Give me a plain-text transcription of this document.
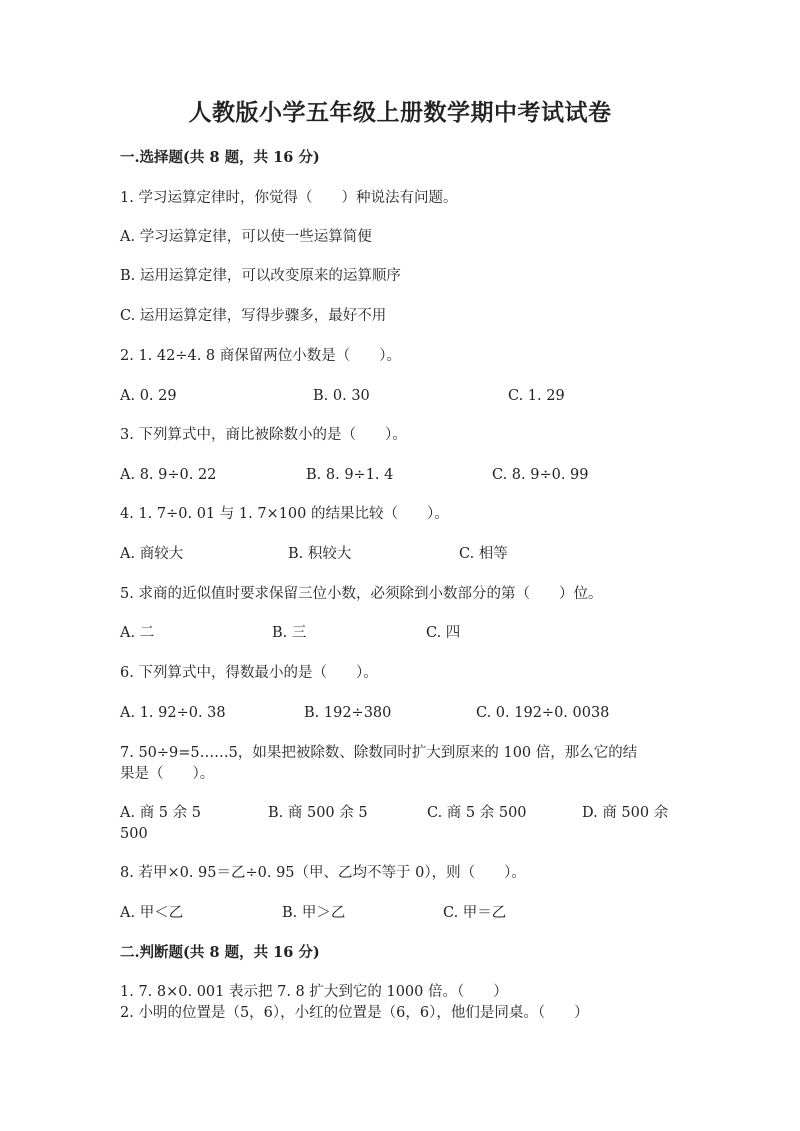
人教版小学五年级上册数学期中考试试卷
一.选择题(共 8 题，共 16 分)
1. 学习运算定律时，你觉得（　　）种说法有问题。
A. 学习运算定律，可以使一些运算简便
B. 运用运算定律，可以改变原来的运算顺序
C. 运用运算定律，写得步骤多，最好不用
2. 1. 42÷4. 8 商保留两位小数是（　　）。
A. 0. 29	B. 0. 30	C. 1. 29
3. 下列算式中，商比被除数小的是（　　）。
A. 8. 9÷0. 22	B. 8. 9÷1. 4	C. 8. 9÷0. 99
4. 1. 7÷0. 01 与 1. 7×100 的结果比较（　　）。
A. 商较大	B. 积较大	C. 相等
5. 求商的近似值时要求保留三位小数，必须除到小数部分的第（　　）位。
A. 二	B. 三	C. 四
6. 下列算式中，得数最小的是（　　）。
A. 1. 92÷0. 38	B. 192÷380	C. 0. 192÷0. 0038
7. 50÷9=5……5，如果把被除数、除数同时扩大到原来的 100 倍，那么它的结
果是（　　）。
A. 商 5 余 5	B. 商 500 余 5	C. 商 5 余 500	D. 商 500 余
500
8. 若甲×0. 95＝乙÷0. 95（甲、乙均不等于 0），则（　　）。
A. 甲＜乙	B. 甲＞乙	C. 甲＝乙
二.判断题(共 8 题，共 16 分)
1. 7. 8×0. 001 表示把 7. 8 扩大到它的 1000 倍。（　　）
2. 小明的位置是（5，6），小红的位置是（6，6），他们是同桌。（　　）
